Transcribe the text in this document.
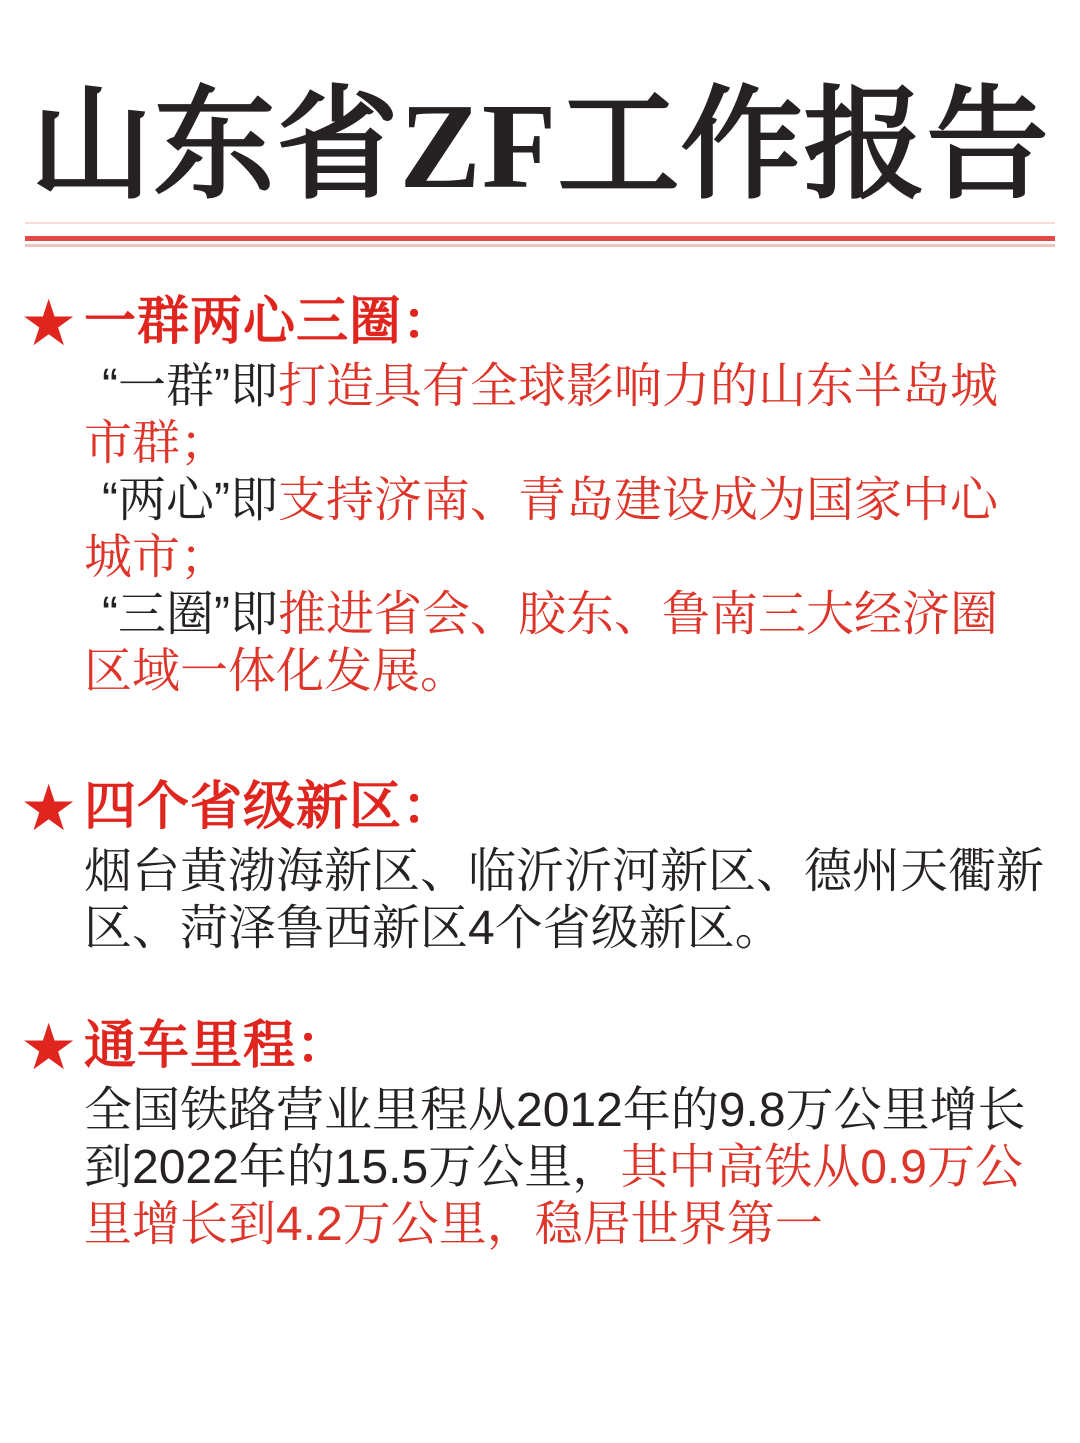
山东省ZF工作报告
★ 一群两心三圈：
“一群”即打造具有全球影响力的山东半岛城
市群；
“两心”即支持济南、青岛建设成为国家中心
城市；
“三圈”即推进省会、胶东、鲁南三大经济圈
区域一体化发展。
★ 四个省级新区：
烟台黄渤海新区、临沂沂河新区、德州天衢新
区、菏泽鲁西新区4个省级新区。
★ 通车里程：
全国铁路营业里程从2012年的9.8万公里增长
到2022年的15.5万公里，其中高铁从0.9万公
里增长到4.2万公里，稳居世界第一
